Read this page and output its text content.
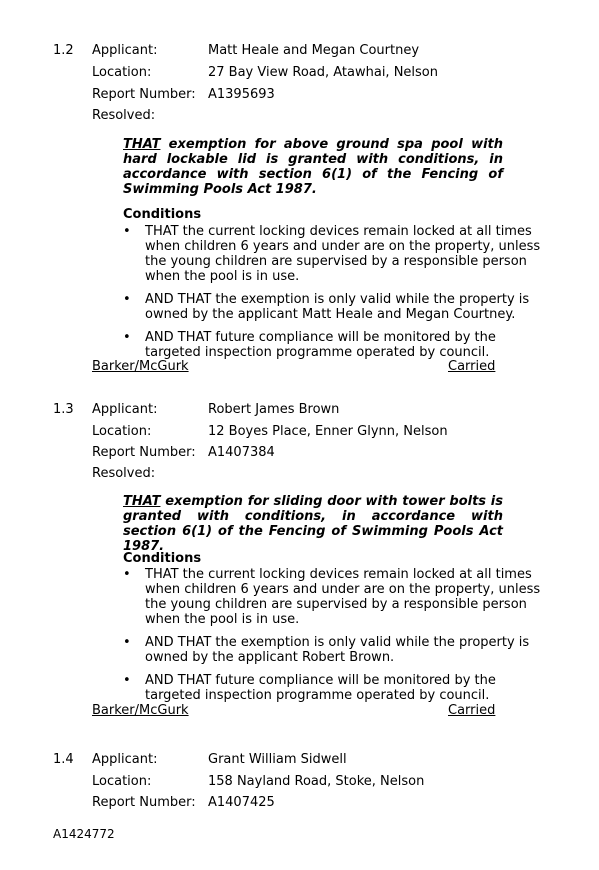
1.2 Applicant:	Matt Heale and Megan Courtney
Location:	27 Bay View Road, Atawhai, Nelson
Report Number: A1395693
Resolved:
THAT exemption for above ground spa pool with hard lockable lid is granted with conditions, in accordance with section 6(1) of the Fencing of Swimming Pools Act 1987.
Conditions
• THAT the current locking devices remain locked at all times when children 6 years and under are on the property, unless the young children are supervised by a responsible person when the pool is in use.
• AND THAT the exemption is only valid while the property is owned by the applicant Matt Heale and Megan Courtney.
• AND THAT future compliance will be monitored by the targeted inspection programme operated by council.
Barker/McGurk	Carried
1.3 Applicant:	Robert James Brown
Location:	12 Boyes Place, Enner Glynn, Nelson
Report Number: A1407384
Resolved:
THAT exemption for sliding door with tower bolts is granted with conditions, in accordance with section 6(1) of the Fencing of Swimming Pools Act 1987.
Conditions
• THAT the current locking devices remain locked at all times when children 6 years and under are on the property, unless the young children are supervised by a responsible person when the pool is in use.
• AND THAT the exemption is only valid while the property is owned by the applicant Robert Brown.
• AND THAT future compliance will be monitored by the targeted inspection programme operated by council.
Barker/McGurk	Carried
1.4 Applicant:	Grant William Sidwell
Location:	158 Nayland Road, Stoke, Nelson
Report Number: A1407425
A1424772
